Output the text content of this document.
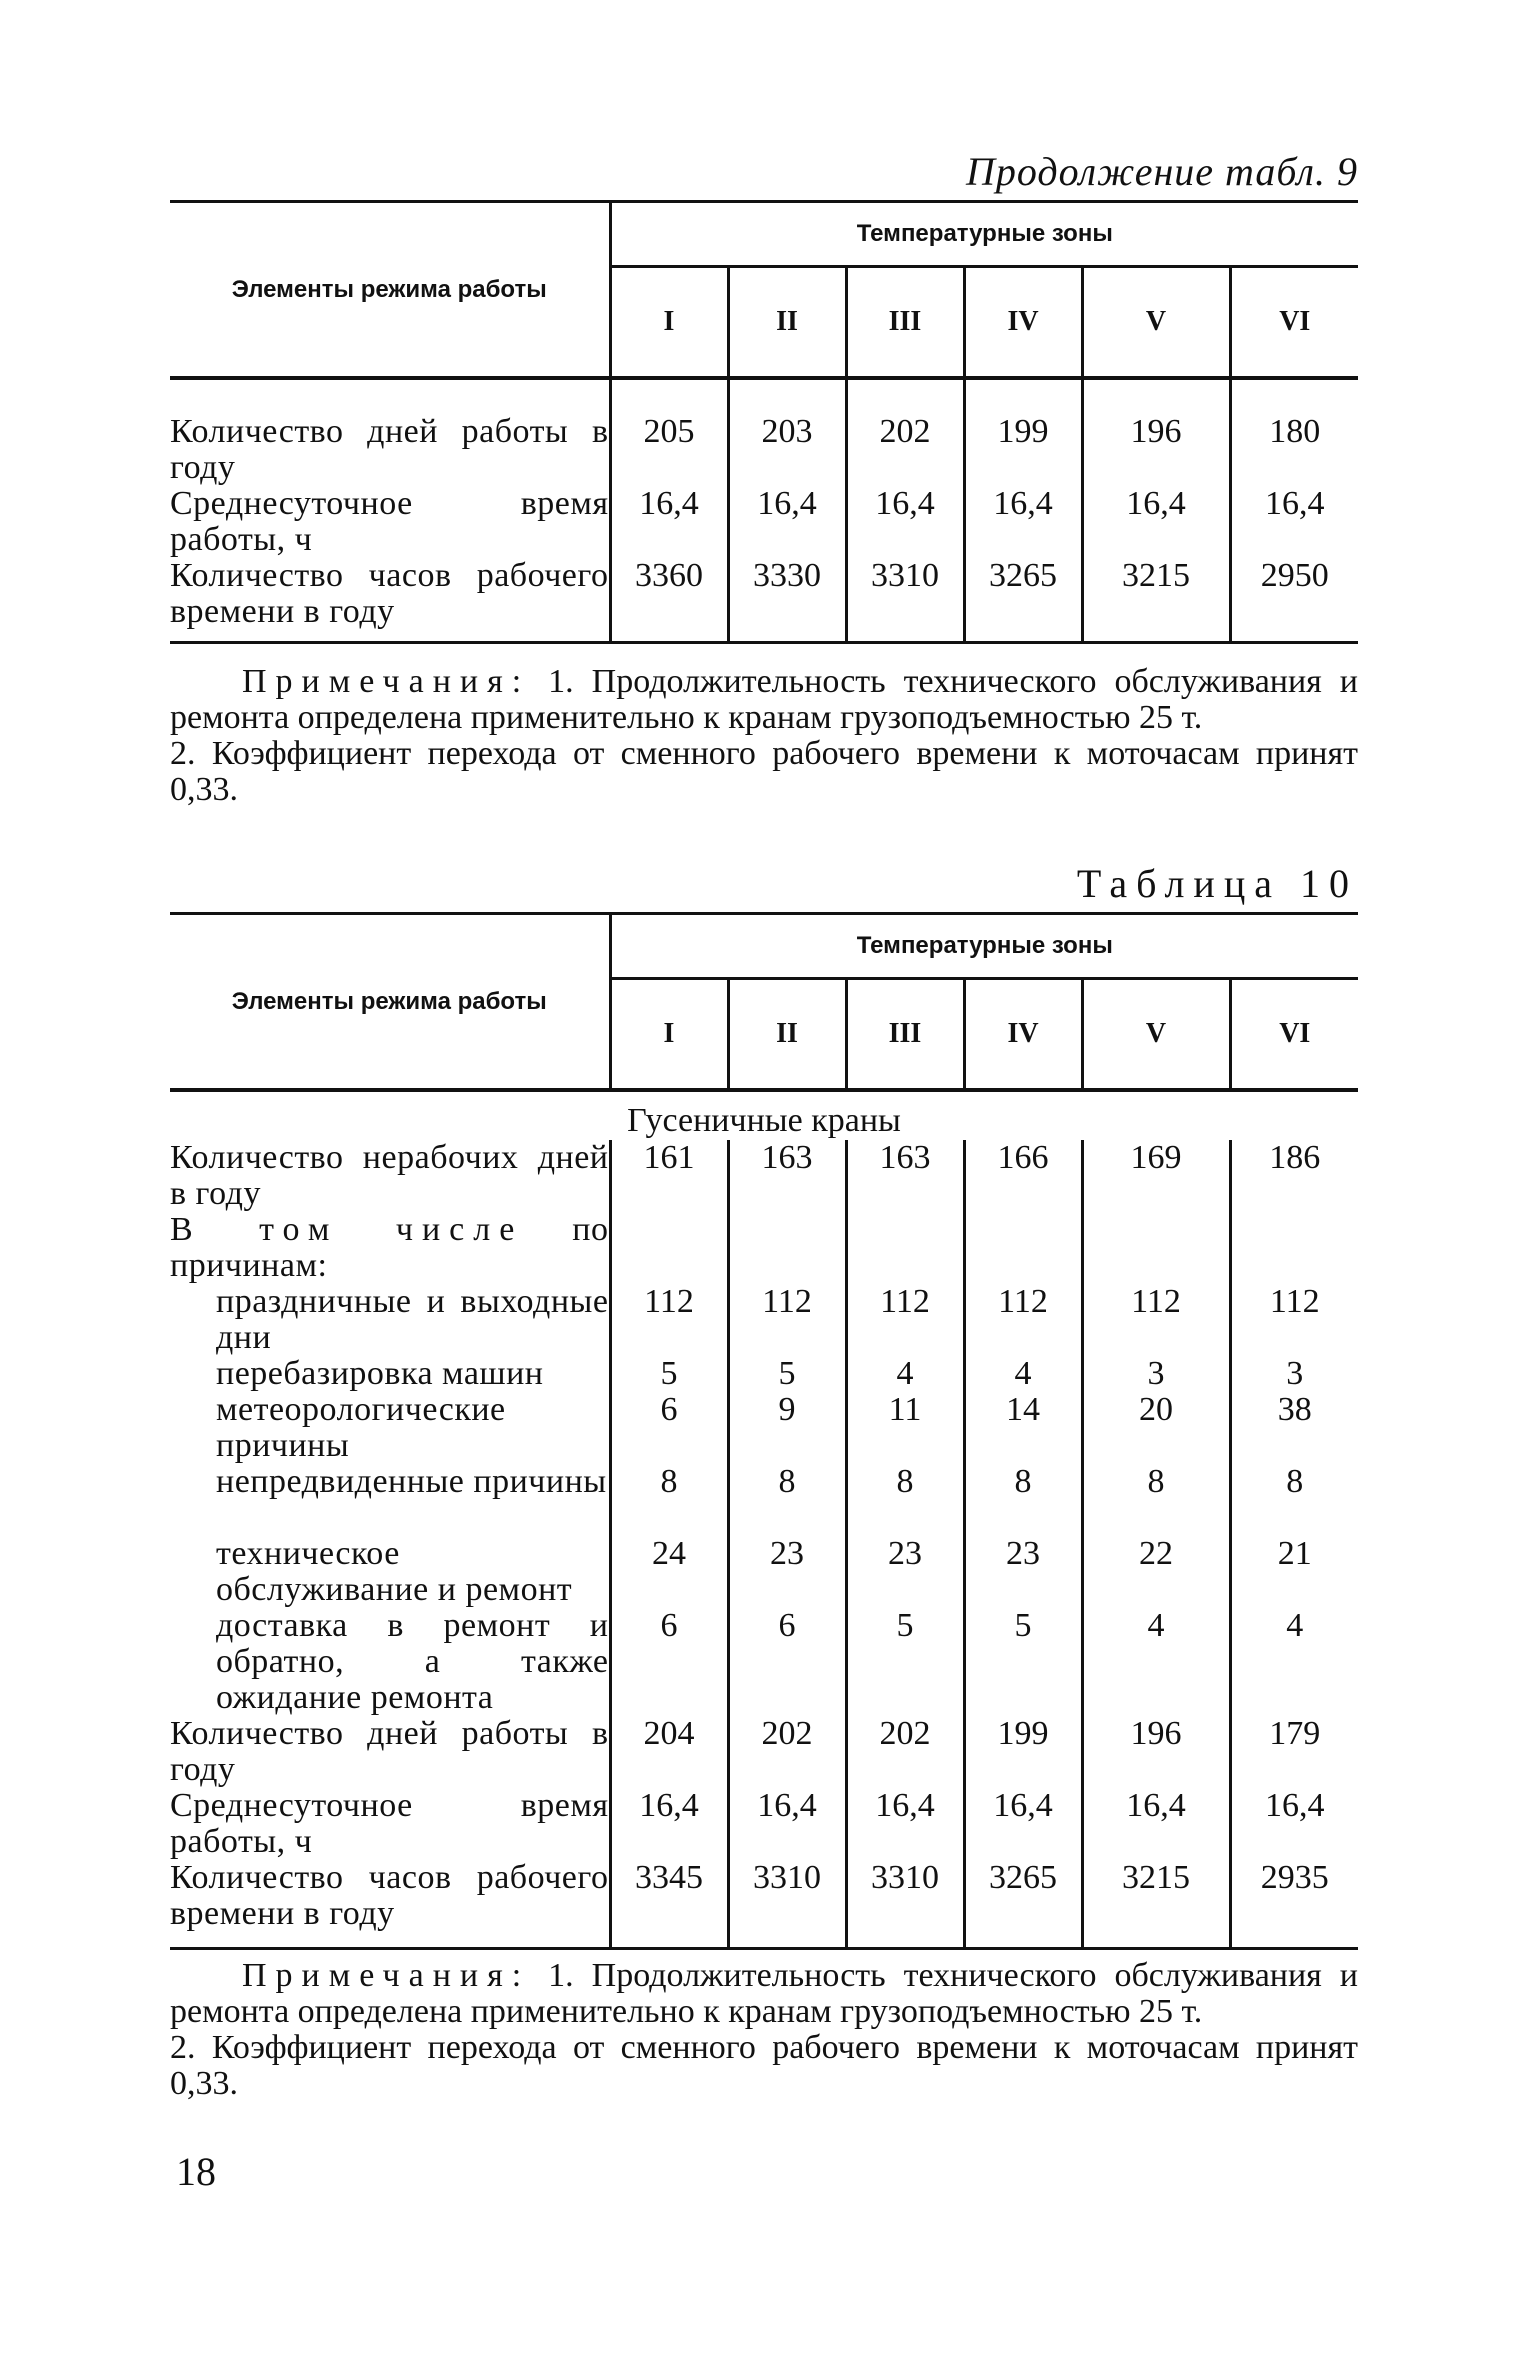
Продолжение табл. 9
Элементы режима работы	Температурные зоны					
	I	II	III	IV	V	VI

Количество дней работы в году	205	203	202	199	196	180
Среднесуточное время работы, ч	16,4	16,4	16,4	16,4	16,4	16,4
Количество часов рабочего времени в году	3360	3330	3310	3265	3215	2950

Примечания: 1. Продолжительность технического обслуживания и ремонта определена применительно к кранам грузоподъемностью 25 т.

2. Коэффициент перехода от сменного рабочего времени к моточасам принят 0,33.

Таблица 10
Элементы режима работы	Температурные зоны					
	I	II	III	IV	V	VI
Гусеничные краны						
Количество нерабочих дней в году	161	163	163	166	169	186
В том числе по причинам:						
праздничные и выходные дни	112	112	112	112	112	112
перебазировка машин	5	5	4	4	3	3
метеорологические причины	6	9	11	14	20	38
непредвиденные причины	8	8	8	8	8	8
техническое обслуживание и ремонт	24	23	23	23	22	21
доставка в ремонт и обратно, а также ожидание ремонта	6	6	5	5	4	4
Количество дней работы в году	204	202	202	199	196	179
Среднесуточное время работы, ч	16,4	16,4	16,4	16,4	16,4	16,4
Количество часов рабочего времени в году	3345	3310	3310	3265	3215	2935

Примечания: 1. Продолжительность технического обслуживания и ремонта определена применительно к кранам грузоподъемностью 25 т.

2. Коэффициент перехода от сменного рабочего времени к моточасам принят 0,33.

18
